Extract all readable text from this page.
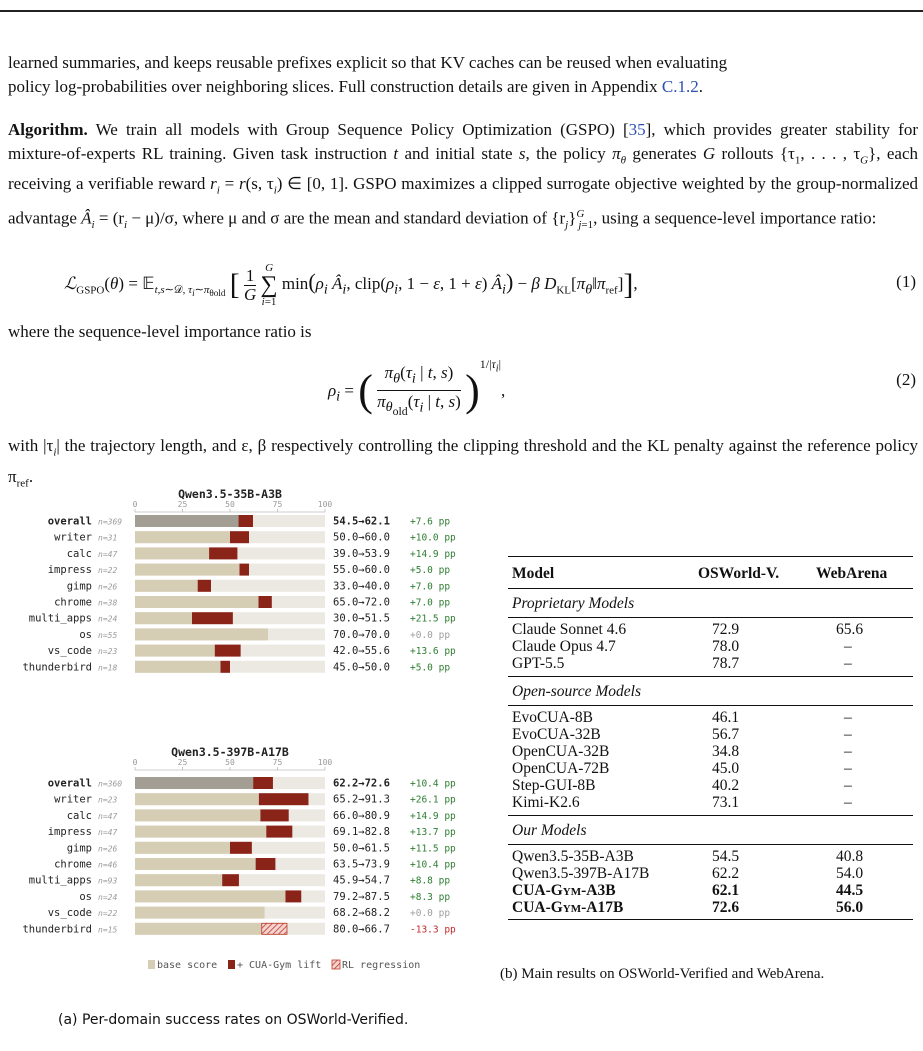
learned summaries, and keeps reusable prefixes explicit so that KV caches can be reused when evaluating
policy log-probabilities over neighboring slices. Full construction details are given in Appendix C.1.2.
Algorithm. We train all models with Group Sequence Policy Optimization (GSPO) [35], which provides greater stability for mixture-of-experts RL training. Given task instruction t and initial state s, the policy $\pi_\theta$ generates G rollouts {$\tau_1$, . . . , $\tau_G$}, each receiving a verifiable reward $r_i = r(s$, $\tau_i$) ∈ [0, 1]. GSPO maximizes a clipped surrogate objective weighted by the group-normalized advantage $Â_i = (r_i - \mu)/\sigma$, where μ and σ are the mean and standard deviation of $\{r_j\}^G_{j=1}$, using a sequence-level importance ratio:
ℒ$_{GSPO}$(θ) = 𝔼$_{t,s\sim 𝒟, \tau_i\sim\pi_{\theta old}}$ [ $\frac{1}{G}$ G
∑
i=1 $\min(\rho_i$ $Â_i$, $clip(\rho_i$, 1 − ε, 1 + ε) $Â_i) - \beta$ $D_{KL}[\pi_\theta‖\pi_{ref}]$],	(1)
where the sequence-level importance ratio is
$\rho_i$ = ( $\pi_\theta(\tau_i$ | t, s)
$\pi_{\theta_{old}}(\tau_i$ | t, s) )$^{1/|\tau_i|}$,
(2)
with $|\tau_i|$ the trajectory length, and ε, β respectively controlling the clipping threshold and the KL penalty against the reference policy $\pi_{ref}$.
Qwen3.5-35B-A3B
0	25	50	75	100
overall n=369	54.5→62.1 +7.6 pp
writer n=31	50.0→60.0 +10.0 pp
calc n=47	39.0→53.9 +14.9 pp
impress n=22	55.0→60.0 +5.0 pp
gimp n=26	33.0→40.0 +7.0 pp
chrome n=38	65.0→72.0 +7.0 pp
multi_apps n=24	30.0→51.5 +21.5 pp
os n=55	70.0→70.0 +0.0 pp
vs_code n=23	42.0→55.6 +13.6 pp
thunderbird n=18	45.0→50.0 +5.0 pp
Qwen3.5-397B-A17B
0	25	50	75	100
overall n=360	62.2→72.6 +10.4 pp
writer n=23	65.2→91.3 +26.1 pp
calc n=47	66.0→80.9 +14.9 pp
impress n=47	69.1→82.8 +13.7 pp
gimp n=26	50.0→61.5 +11.5 pp
chrome n=46	63.5→73.9 +10.4 pp
multi_apps n=93	45.9→54.7 +8.8 pp
os n=24	79.2→87.5 +8.3 pp
vs_code n=22	68.2→68.2 +0.0 pp
thunderbird n=15	80.0→66.7 -13.3 pp
base score + CUA-Gym lift RL regression
(a) Per-domain success rates on OSWorld-Verified.
Model	OSWorld-V.	WebArena
Proprietary Models
Claude Sonnet 4.6	72.9	65.6
Claude Opus 4.7	78.0	–
GPT-5.5	78.7	–
Open-source Models
EvoCUA-8B	46.1	–
EvoCUA-32B	56.7	–
OpenCUA-32B	34.8	–
OpenCUA-72B	45.0	–
Step-GUI-8B	40.2	–
Kimi-K2.6	73.1	–
Our Models
Qwen3.5-35B-A3B	54.5	40.8
Qwen3.5-397B-A17B	62.2	54.0
CUA-Gym-A3B	62.1	44.5
CUA-Gym-A17B	72.6	56.0
(b) Main results on OSWorld-Verified and WebArena.
